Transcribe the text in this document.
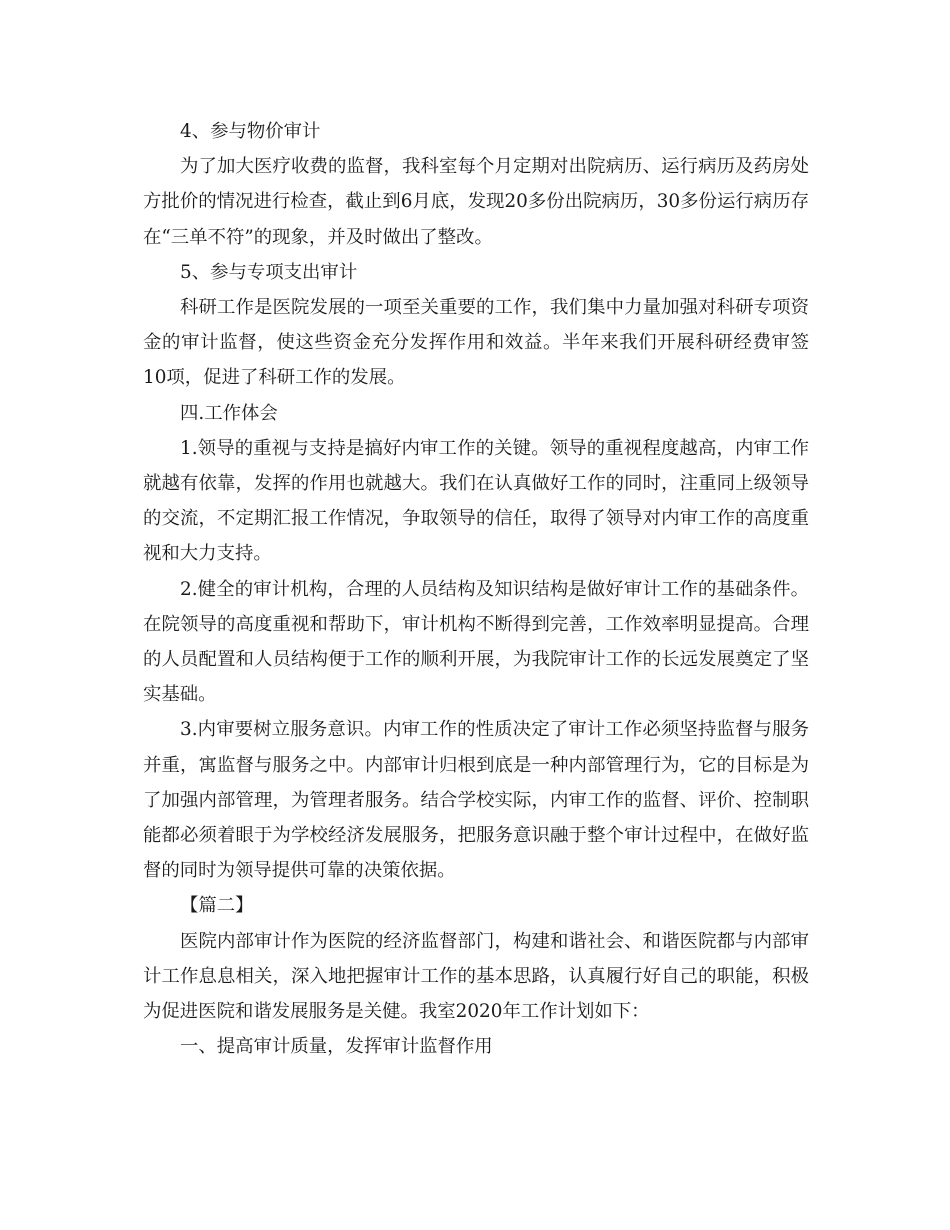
4、参与物价审计

为了加大医疗收费的监督，我科室每个月定期对出院病历、运行病历及药房处方批价的情况进行检查，截止到6月底，发现20多份出院病历，30多份运行病历存在“三单不符”的现象，并及时做出了整改。

5、参与专项支出审计

科研工作是医院发展的一项至关重要的工作，我们集中力量加强对科研专项资金的审计监督，使这些资金充分发挥作用和效益。半年来我们开展科研经费审签10项，促进了科研工作的发展。

四.工作体会

1.领导的重视与支持是搞好内审工作的关键。领导的重视程度越高，内审工作就越有依靠，发挥的作用也就越大。我们在认真做好工作的同时，注重同上级领导的交流，不定期汇报工作情况，争取领导的信任，取得了领导对内审工作的高度重视和大力支持。

2.健全的审计机构，合理的人员结构及知识结构是做好审计工作的基础条件。在院领导的高度重视和帮助下，审计机构不断得到完善，工作效率明显提高。合理的人员配置和人员结构便于工作的顺利开展，为我院审计工作的长远发展奠定了坚实基础。

3.内审要树立服务意识。内审工作的性质决定了审计工作必须坚持监督与服务并重，寓监督与服务之中。内部审计归根到底是一种内部管理行为，它的目标是为了加强内部管理，为管理者服务。结合学校实际，内审工作的监督、评价、控制职能都必须着眼于为学校经济发展服务，把服务意识融于整个审计过程中，在做好监督的同时为领导提供可靠的决策依据。

【篇二】

医院内部审计作为医院的经济监督部门，构建和谐社会、和谐医院都与内部审计工作息息相关，深入地把握审计工作的基本思路，认真履行好自己的职能，积极为促进医院和谐发展服务是关健。我室2020年工作计划如下：

一、提高审计质量，发挥审计监督作用
